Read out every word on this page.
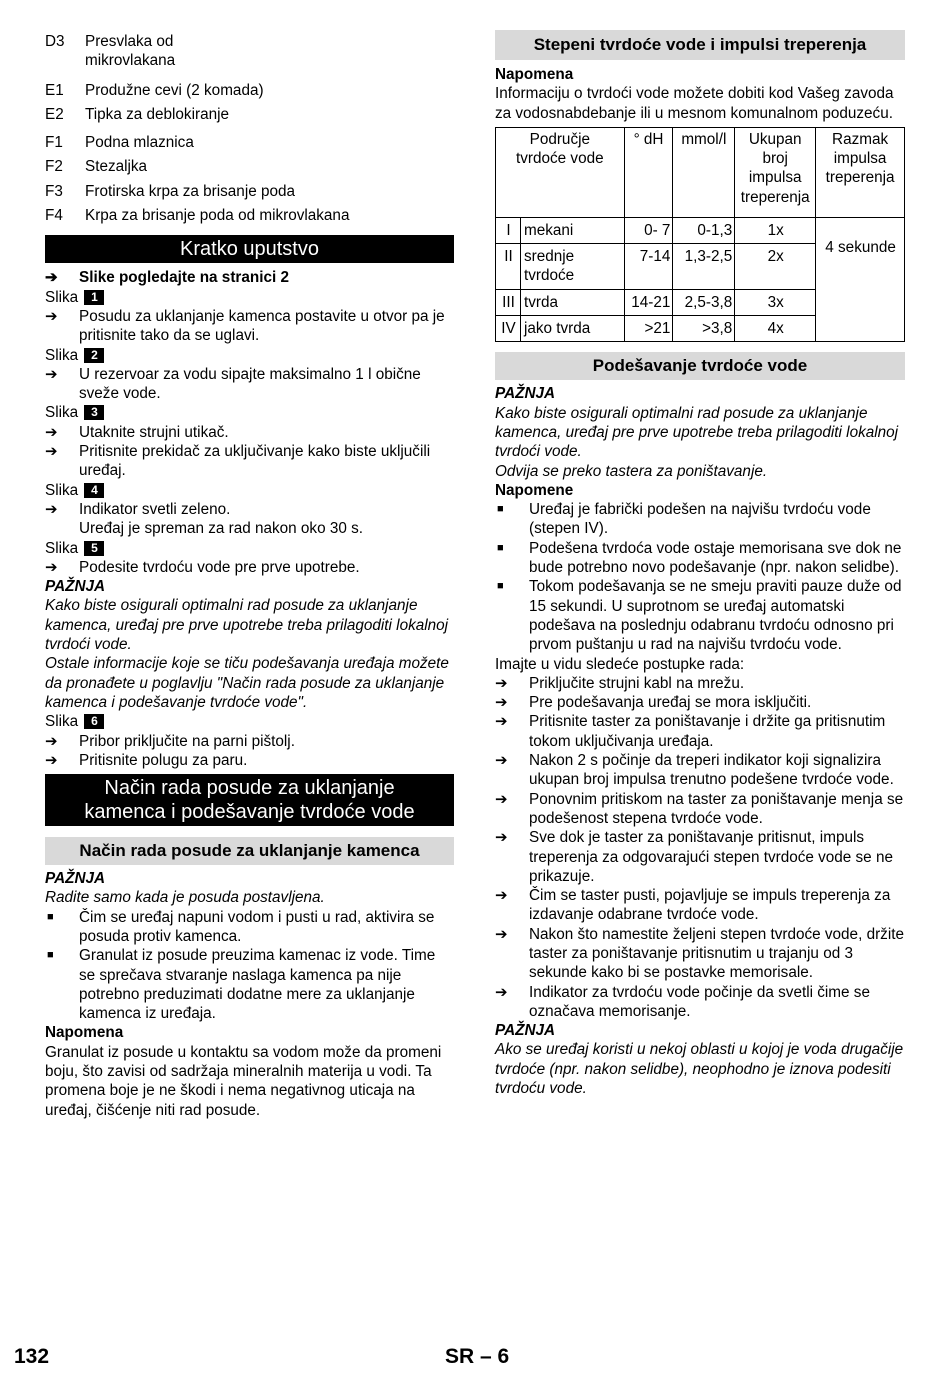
D3	Presvlaka od mikrovlakana
E1	Produžne cevi (2 komada)
E2	Tipka za deblokiranje
F1	Podna mlaznica
F2	Stezaljka
F3	Frotirska krpa za brisanje poda
F4	Krpa za brisanje poda od mikrovlakana
Kratko uputstvo
➔	Slike pogledajte na stranici 2

Slika 1

➔	Posudu za uklanjanje kamenca postavite u otvor pa je pritisnite tako da se uglavi.

Slika 2

➔	U rezervoar za vodu sipajte maksimalno 1 l obične sveže vode.

Slika 3

➔	Utaknite strujni utikač.
➔	Pritisnite prekidač za uključivanje kako biste uključili uređaj.

Slika 4

➔	Indikator svetli zeleno.
Uređaj je spreman za rad nakon oko 30 s.

Slika 5

➔	Podesite tvrdoću vode pre prve upotrebe.

PAŽNJA

Kako biste osigurali optimalni rad posude za uklanjanje kamenca, uređaj pre prve upotrebe treba prilagoditi lokalnoj tvrdoći vode.

Ostale informacije koje se tiču podešavanja uređaja možete da pronađete u poglavlju "Način rada posude za uklanjanje kamenca i podešavanje tvrdoće vode".

Slika 6

➔	Pribor priključite na parni pištolj.
➔	Pritisnite polugu za paru.
Način rada posude za uklanjanje
kamenca i podešavanje tvrdoće vode
Način rada posude za uklanjanje kamenca

PAŽNJA

Radite samo kada je posuda postavljena.

■	Čim se uređaj napuni vodom i pusti u rad, aktivira se posuda protiv kamenca.
■	Granulat iz posude preuzima kamenac iz vode. Time se sprečava stvaranje naslaga kamenca pa nije potrebno preduzimati dodatne mere za uklanjanje kamenca iz uređaja.

Napomena

Granulat iz posude u kontaktu sa vodom može da promeni boju, što zavisi od sadržaja mineralnih materija u vodi. Ta promena boje je ne škodi i nema negativnog uticaja na uređaj, čišćenje niti rad posude.

Stepeni tvrdoće vode i impulsi treperenja

Napomena

Informaciju o tvrdoći vode možete dobiti kod Vašeg zavoda za vodosnabdebanje ili u mesnom komunalnom poduzeću.

Područje tvrdoće vode		° dH	mmol/l	Ukupan broj impulsa treperenja	Razmak impulsa treperenja
I	mekani	0- 7	0-1,3	1x	4 sekunde
II	srednje tvrdoće	7-14	1,3-2,5	2x	
III	tvrda	14-21	2,5-3,8	3x	
IV	jako tvrda	>21	>3,8	4x	
Podešavanje tvrdoće vode

PAŽNJA

Kako biste osigurali optimalni rad posude za uklanjanje kamenca, uređaj pre prve upotrebe treba prilagoditi lokalnoj tvrdoći vode.

Odvija se preko tastera za poništavanje.

Napomene

■	Uređaj je fabrički podešen na najvišu tvrdoću vode (stepen IV).
■	Podešena tvrdoća vode ostaje memorisana sve dok ne bude potrebno novo podešavanje (npr. nakon selidbe).
■	Tokom podešavanja se ne smeju praviti pauze duže od 15 sekundi. U suprotnom se uređaj automatski podešava na poslednju odabranu tvrdoću odnosno pri prvom puštanju u rad na najvišu tvrdoću vode.

Imajte u vidu sledeće postupke rada:

➔	Priključite strujni kabl na mrežu.
➔	Pre podešavanja uređaj se mora isključiti.
➔	Pritisnite taster za poništavanje i držite ga pritisnutim tokom uključivanja uređaja.
➔	Nakon 2 s počinje da treperi indikator koji signalizira ukupan broj impulsa trenutno podešene tvrdoće vode.
➔	Ponovnim pritiskom na taster za poništavanje menja se podešenost stepena tvrdoće vode.
➔	Sve dok je taster za poništavanje pritisnut, impuls treperenja za odgovarajući stepen tvrdoće vode se ne prikazuje.
➔	Čim se taster pusti, pojavljuje se impuls treperenja za izdavanje odabrane tvrdoće vode.
➔	Nakon što namestite željeni stepen tvrdoće vode, držite taster za poništavanje pritisnutim u trajanju od 3 sekunde kako bi se postavke memorisale.
➔	Indikator za tvrdoću vode počinje da svetli čime se označava memorisanje.

PAŽNJA

Ako se uređaj koristi u nekoj oblasti u kojoj je voda drugačije tvrdoće (npr. nakon selidbe), neophodno je iznova podesiti tvrdoću vode.

132	SR – 6
